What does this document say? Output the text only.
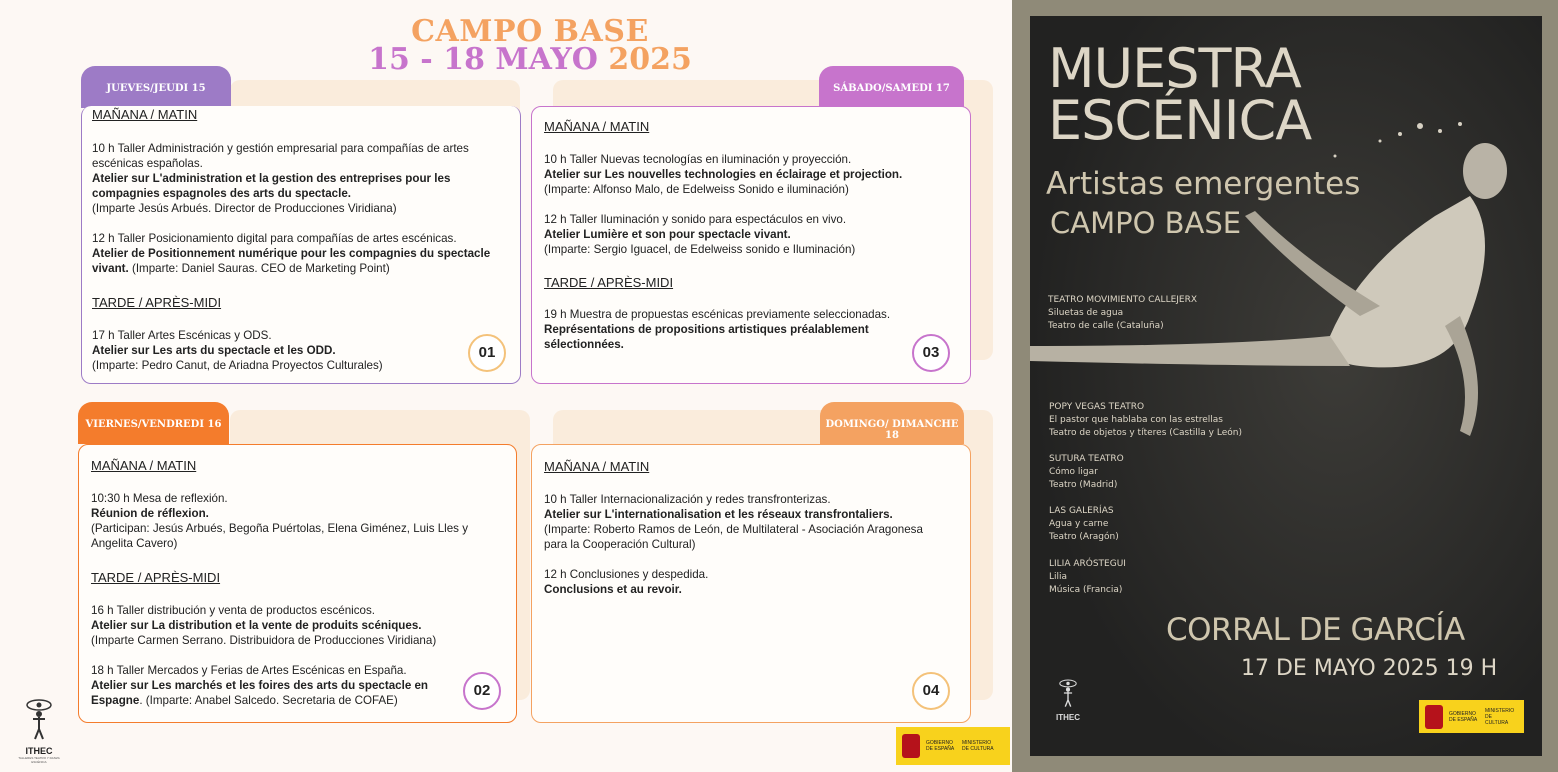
CAMPO BASE
15 - 18 MAYO 2025
JUEVES/JEUDI 15

MAÑANA / MATIN

10 h Taller Administración y gestión empresarial para compañías de artes escénicas españolas.

Atelier sur L'administration et la gestion des entreprises pour les compagnies espagnoles des arts du spectacle.

(Imparte Jesús Arbués. Director de Producciones Viridiana)

12 h Taller Posicionamiento digital para compañías de artes escénicas.

Atelier de Positionnement numérique pour les compagnies du spectacle vivant. (Imparte: Daniel Sauras. CEO de Marketing Point)

TARDE / APRÈS-MIDI

17 h Taller Artes Escénicas y ODS.

Atelier sur Les arts du spectacle et les ODD.

(Imparte: Pedro Canut, de Ariadna Proyectos Culturales)

01
SÁBADO/SAMEDI 17

MAÑANA / MATIN

10 h Taller Nuevas tecnologías en iluminación y proyección.

Atelier sur Les nouvelles technologies en éclairage et projection.

(Imparte: Alfonso Malo, de Edelweiss Sonido e iluminación)

12 h Taller Iluminación y sonido para espectáculos en vivo.

Atelier Lumière et son pour spectacle vivant.

(Imparte: Sergio Iguacel, de Edelweiss sonido e Iluminación)

TARDE / APRÈS-MIDI

19 h Muestra de propuestas escénicas previamente seleccionadas.

Représentations de propositions artistiques préalablement sélectionnées.	03
VIERNES/VENDREDI 16

MAÑANA / MATIN

10:30 h Mesa de reflexión.

Réunion de réflexion.

(Participan: Jesús Arbués, Begoña Puértolas, Elena Giménez, Luis Lles y Angelita Cavero)

TARDE / APRÈS-MIDI

16 h Taller distribución y venta de productos escénicos.

Atelier sur La distribution et la vente de produits scéniques.

(Imparte Carmen Serrano. Distribuidora de Producciones Viridiana)

18 h Taller Mercados y Ferias de Artes Escénicas en España.

Atelier sur Les marchés et les foires des arts du spectacle en Espagne. (Imparte: Anabel Salcedo. Secretaria de COFAE)

02
DOMINGO/ DIMANCHE 18

MAÑANA / MATIN

10 h Taller Internacionalización y redes transfronterizas.

Atelier sur L'internationalisation et les réseaux transfrontaliers.

(Imparte: Roberto Ramos de León, de Multilateral - Asociación Aragonesa para la Cooperación Cultural)

12 h Conclusiones y despedida.

Conclusions et au revoir.

04
ITHEC
TALLERES TEATRO Y DANZA ESCÉNICA
GOBIERNO DE ESPAÑA
MINISTERIO DE CULTURA
MUESTRA
ESCÉNICA
Artistas emergentes
CAMPO BASE
TEATRO MOVIMIENTO CALLEJERX
Siluetas de agua
Teatro de calle (Cataluña)
POPY VEGAS TEATRO
El pastor que hablaba con las estrellas
Teatro de objetos y títeres (Castilla y León)
SUTURA TEATRO
Cómo ligar
Teatro (Madrid)
LAS GALERÍAS
Agua y carne
Teatro (Aragón)
LILIA ARÓSTEGUI
Lilia
Música (Francia)
CORRAL DE GARCÍA
17 DE MAYO 2025 19 H
ITHEC	GOBIERNO DE ESPAÑA
MINISTERIO DE CULTURA
